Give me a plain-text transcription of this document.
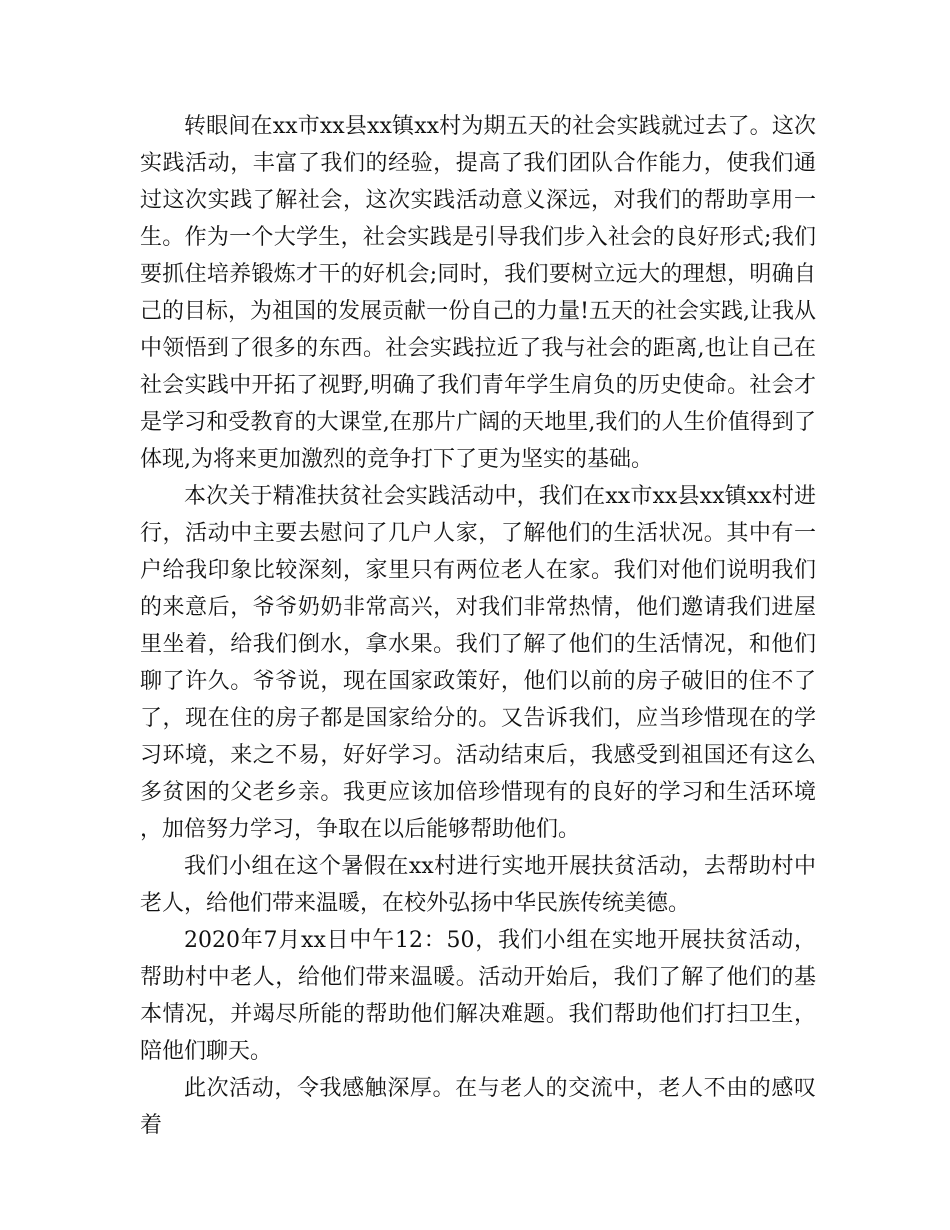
转眼间在xx市xx县xx镇xx村为期五天的社会实践就过去了。这次实践活动，丰富了我们的经验，提高了我们团队合作能力，使我们通过这次实践了解社会，这次实践活动意义深远，对我们的帮助享用一生。作为一个大学生，社会实践是引导我们步入社会的良好形式;我们要抓住培养锻炼才干的好机会;同时，我们要树立远大的理想，明确自己的目标，为祖国的发展贡献一份自己的力量!五天的社会实践,让我从中领悟到了很多的东西。社会实践拉近了我与社会的距离,也让自己在社会实践中开拓了视野,明确了我们青年学生肩负的历史使命。社会才是学习和受教育的大课堂,在那片广阔的天地里,我们的人生价值得到了体现,为将来更加激烈的竞争打下了更为坚实的基础。

本次关于精准扶贫社会实践活动中，我们在xx市xx县xx镇xx村进行，活动中主要去慰问了几户人家，了解他们的生活状况。其中有一户给我印象比较深刻，家里只有两位老人在家。我们对他们说明我们的来意后，爷爷奶奶非常高兴，对我们非常热情，他们邀请我们进屋里坐着，给我们倒水，拿水果。我们了解了他们的生活情况，和他们聊了许久。爷爷说，现在国家政策好，他们以前的房子破旧的住不了了，现在住的房子都是国家给分的。又告诉我们，应当珍惜现在的学习环境，来之不易，好好学习。活动结束后，我感受到祖国还有这么多贫困的父老乡亲。我更应该加倍珍惜现有的良好的学习和生活环境，加倍努力学习，争取在以后能够帮助他们。

我们小组在这个暑假在xx村进行实地开展扶贫活动，去帮助村中老人，给他们带来温暖，在校外弘扬中华民族传统美德。

2020年7月xx日中午12：50，我们小组在实地开展扶贫活动，帮助村中老人，给他们带来温暖。活动开始后，我们了解了他们的基本情况，并竭尽所能的帮助他们解决难题。我们帮助他们打扫卫生，陪他们聊天。

此次活动，令我感触深厚。在与老人的交流中，老人不由的感叹着
